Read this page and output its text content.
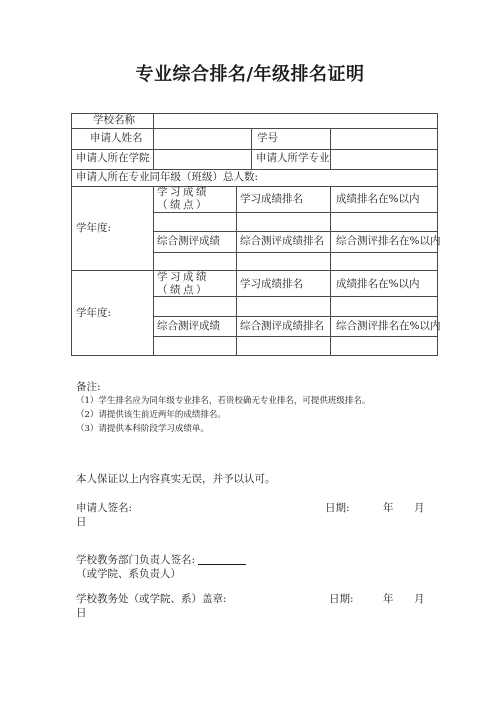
专业综合排名/年级排名证明
学校名称
申请人姓名	学号
申请人所在学院	申请人所学专业
申请人所在专业同年级（班级）总人数:
学年度:
学习成绩（绩点）	学习成绩排名	成绩排名在%以内
综合测评成绩 综合测评成绩排名 综合测评排名在%以内
学年度:
学习成绩（绩点）	学习成绩排名	成绩排名在%以内
综合测评成绩 综合测评成绩排名 综合测评排名在%以内
备注:
（1）学生排名应为同年级专业排名，若贵校确无专业排名，可提供班级排名。
（2）请提供该生前近两年的成绩排名。
（3）请提供本科阶段学习成绩单。
本人保证以上内容真实无误，并予以认可。
申请人签名:	日期:	年 月
日
学校教务部门负责人签名:
（或学院、系负责人）
学校教务处（或学院、系）盖章:	日期:	年 月
日
